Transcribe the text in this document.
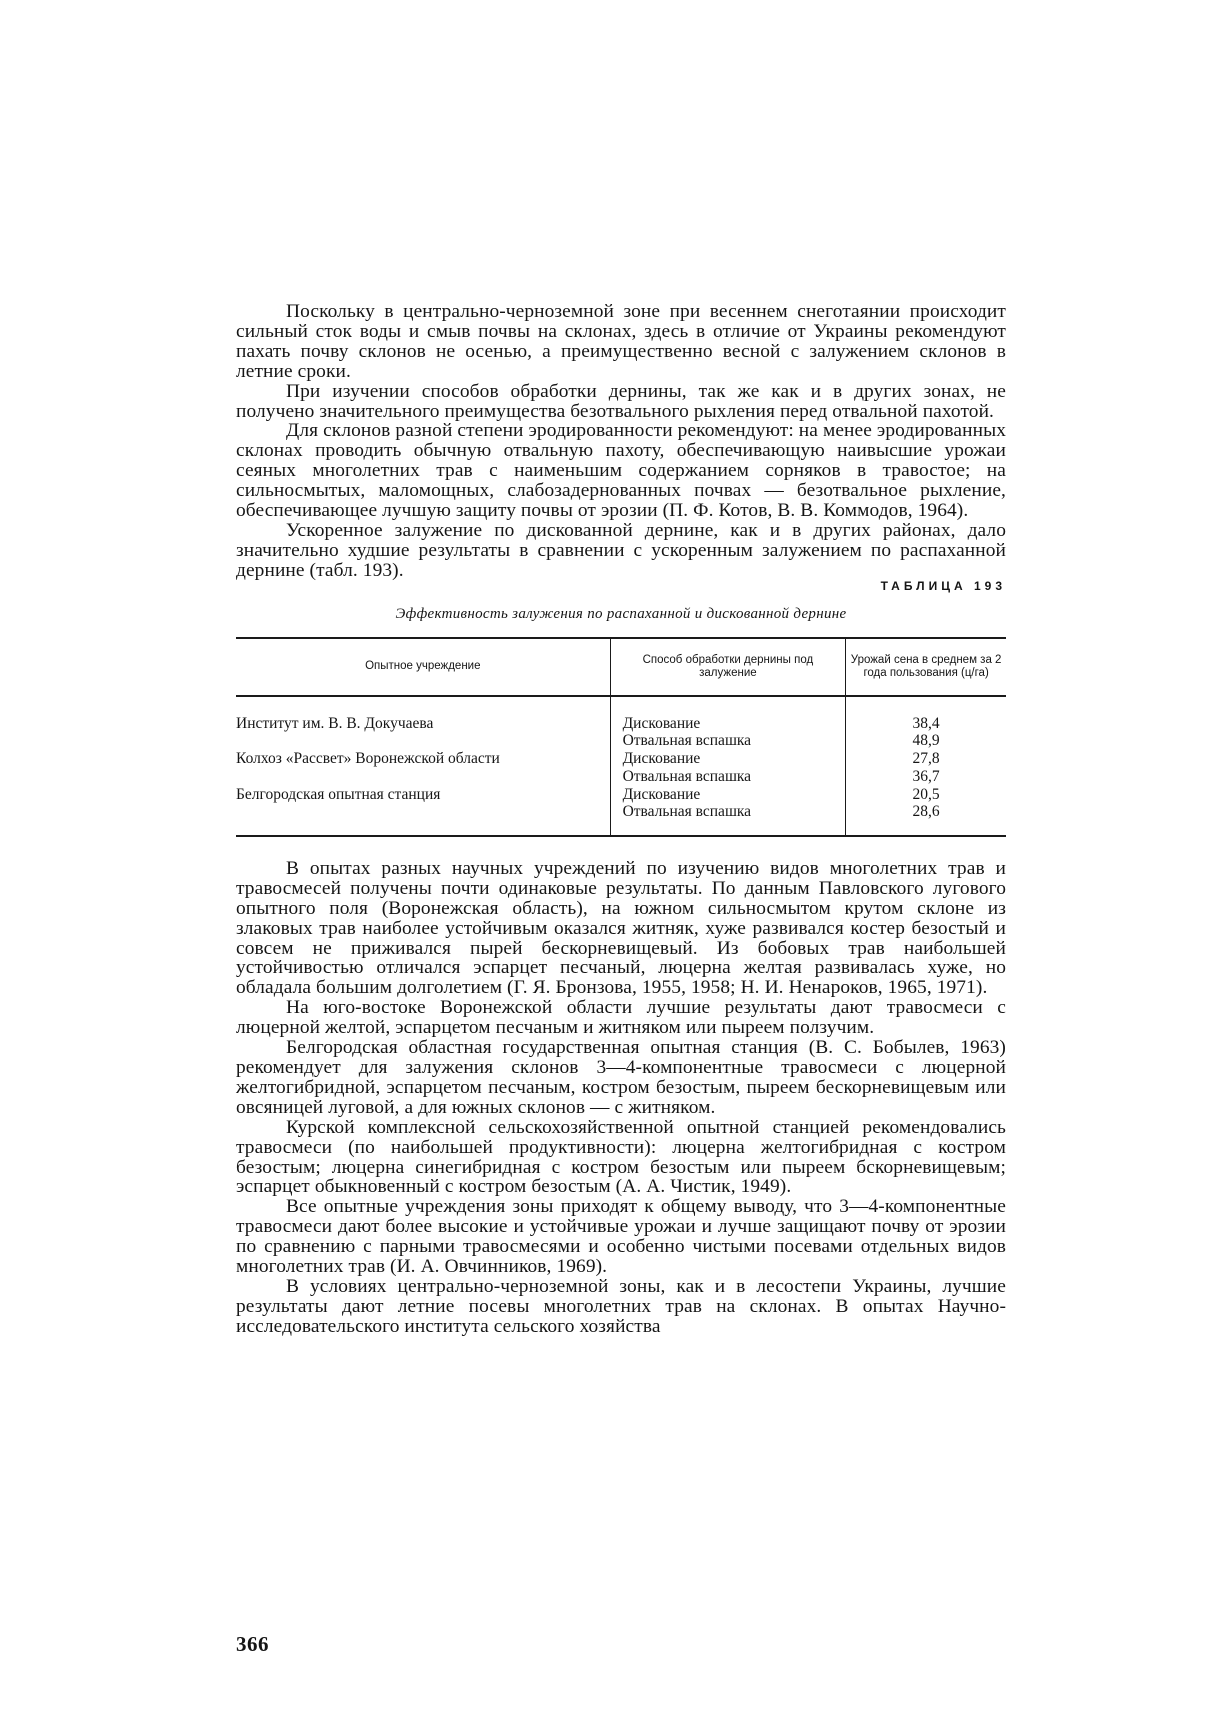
Поскольку в центрально-черноземной зоне при весеннем снеготаянии происходит сильный сток воды и смыв почвы на склонах, здесь в отличие от Украины рекомендуют пахать почву склонов не осенью, а преимущественно весной с залужением склонов в летние сроки.

При изучении способов обработки дернины, так же как и в других зонах, не получено значительного преимущества безотвального рыхления перед отвальной пахотой.

Для склонов разной степени эродированности рекомендуют: на менее эродированных склонах проводить обычную отвальную пахоту, обеспечивающую наивысшие урожаи сеяных многолетних трав с наименьшим содержанием сорняков в травостое; на сильносмытых, маломощных, слабозадернованных почвах — безотвальное рыхление, обеспечивающее лучшую защиту почвы от эрозии (П. Ф. Котов, В. В. Коммодов, 1964).

Ускоренное залужение по дискованной дернине, как и в других районах, дало значительно худшие результаты в сравнении с ускоренным залужением по распаханной дернине (табл. 193).

ТАБЛИЦА 193
Эффективность залужения по распаханной и дискованной дернине
Опытное учреждение	Способ обработки дернины под залужение	Урожай сена в среднем за 2 года пользования (ц/га)

Институт им. В. В. Докучаева	Дискование	38,4
	Отвальная вспашка	48,9
Колхоз «Рассвет» Воронежской области	Дискование	27,8
	Отвальная вспашка	36,7
Белгородская опытная станция	Дискование	20,5
	Отвальная вспашка	28,6

В опытах разных научных учреждений по изучению видов многолетних трав и травосмесей получены почти одинаковые результаты. По данным Павловского лугового опытного поля (Воронежская область), на южном сильносмытом крутом склоне из злаковых трав наиболее устойчивым оказался житняк, хуже развивался костер безостый и совсем не приживался пырей бескорневищевый. Из бобовых трав наибольшей устойчивостью отличался эспарцет песчаный, люцерна желтая развивалась хуже, но обладала большим долголетием (Г. Я. Бронзова, 1955, 1958; Н. И. Ненароков, 1965, 1971).

На юго-востоке Воронежской области лучшие результаты дают травосмеси с люцерной желтой, эспарцетом песчаным и житняком или пыреем ползучим.

Белгородская областная государственная опытная станция (В. С. Бобылев, 1963) рекомендует для залужения склонов 3—4-компонентные травосмеси с люцерной желтогибридной, эспарцетом песчаным, костром безостым, пыреем бескорневищевым или овсяницей луговой, а для южных склонов — с житняком.

Курской комплексной сельскохозяйственной опытной станцией рекомендовались травосмеси (по наибольшей продуктивности): люцерна желтогибридная с костром безостым; люцерна синегибридная с костром безостым или пыреем бскорневищевым; эспарцет обыкновенный с костром безостым (А. А. Чистик, 1949).

Все опытные учреждения зоны приходят к общему выводу, что 3—4-компонентные травосмеси дают более высокие и устойчивые урожаи и лучше защищают почву от эрозии по сравнению с парными травосмесями и особенно чистыми посевами отдельных видов многолетних трав (И. А. Овчинников, 1969).

В условиях центрально-черноземной зоны, как и в лесостепи Украины, лучшие результаты дают летние посевы многолетних трав на склонах. В опытах Научно-исследовательского института сельского хозяйства

366
